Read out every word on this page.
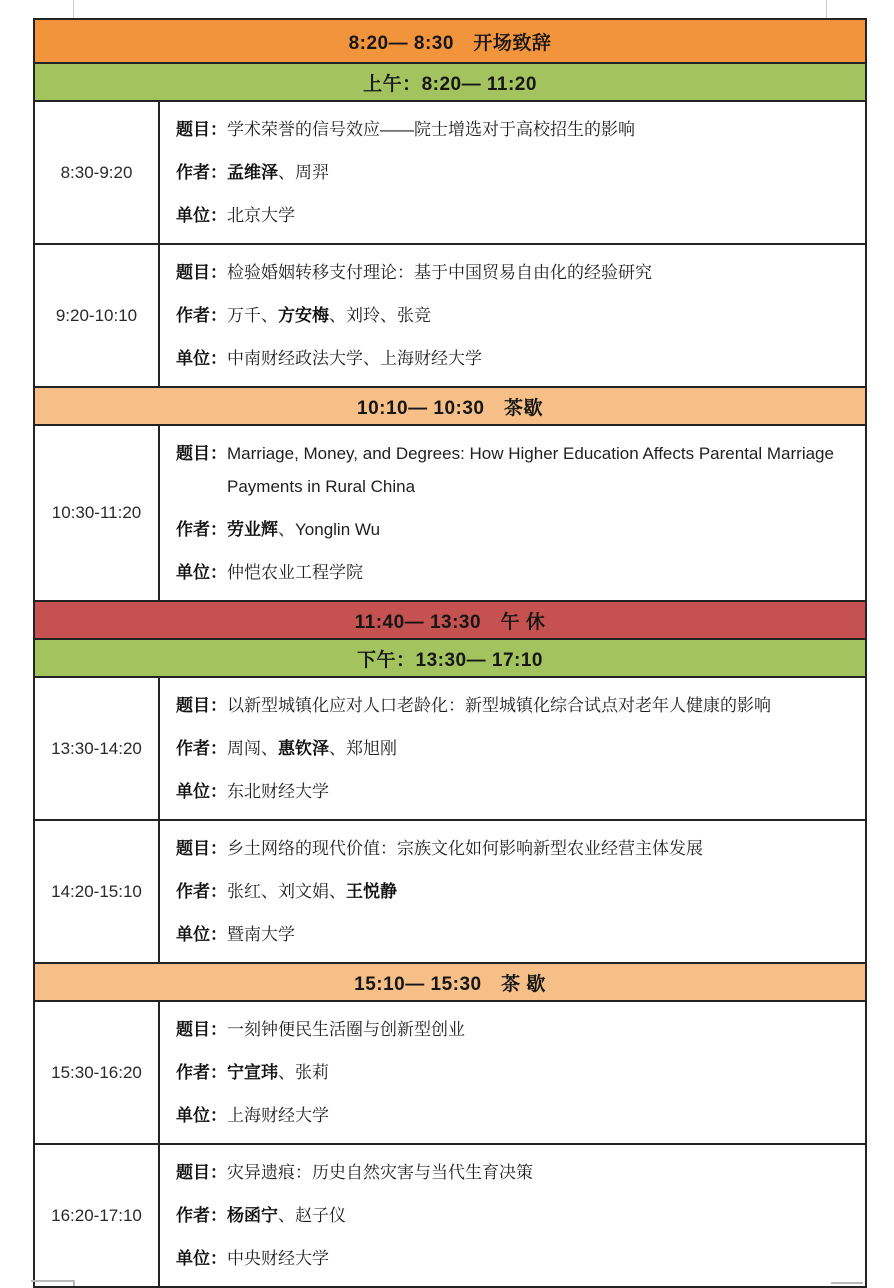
8:20— 8:30　开场致辞
上午：8:20— 11:20
8:30-9:20
题目： 学术荣誉的信号效应——院士增选对于高校招生的影响
作者： 孟维泽、周羿
单位： 北京大学
9:20-10:10
题目： 检验婚姻转移支付理论：基于中国贸易自由化的经验研究
作者： 万千、方安梅、刘玲、张竞
单位： 中南财经政法大学、上海财经大学
10:10— 10:30　茶歇
10:30-11:20
题目： Marriage, Money, and Degrees: How Higher Education Affects Parental Marriage Payments in Rural China
作者： 劳业辉、Yonglin Wu
单位： 仲恺农业工程学院
11:40— 13:30　午 休
下午：13:30— 17:10
13:30-14:20
题目： 以新型城镇化应对人口老龄化：新型城镇化综合试点对老年人健康的影响
作者： 周闯、惠钦泽、郑旭刚
单位： 东北财经大学
14:20-15:10
题目： 乡土网络的现代价值：宗族文化如何影响新型农业经营主体发展
作者： 张红、刘文娟、王悦静
单位： 暨南大学
15:10— 15:30　茶 歇
15:30-16:20
题目： 一刻钟便民生活圈与创新型创业
作者： 宁宣玮、张莉
单位： 上海财经大学
16:20-17:10
题目： 灾异遗痕：历史自然灾害与当代生育决策
作者： 杨函宁、赵子仪
单位： 中央财经大学
